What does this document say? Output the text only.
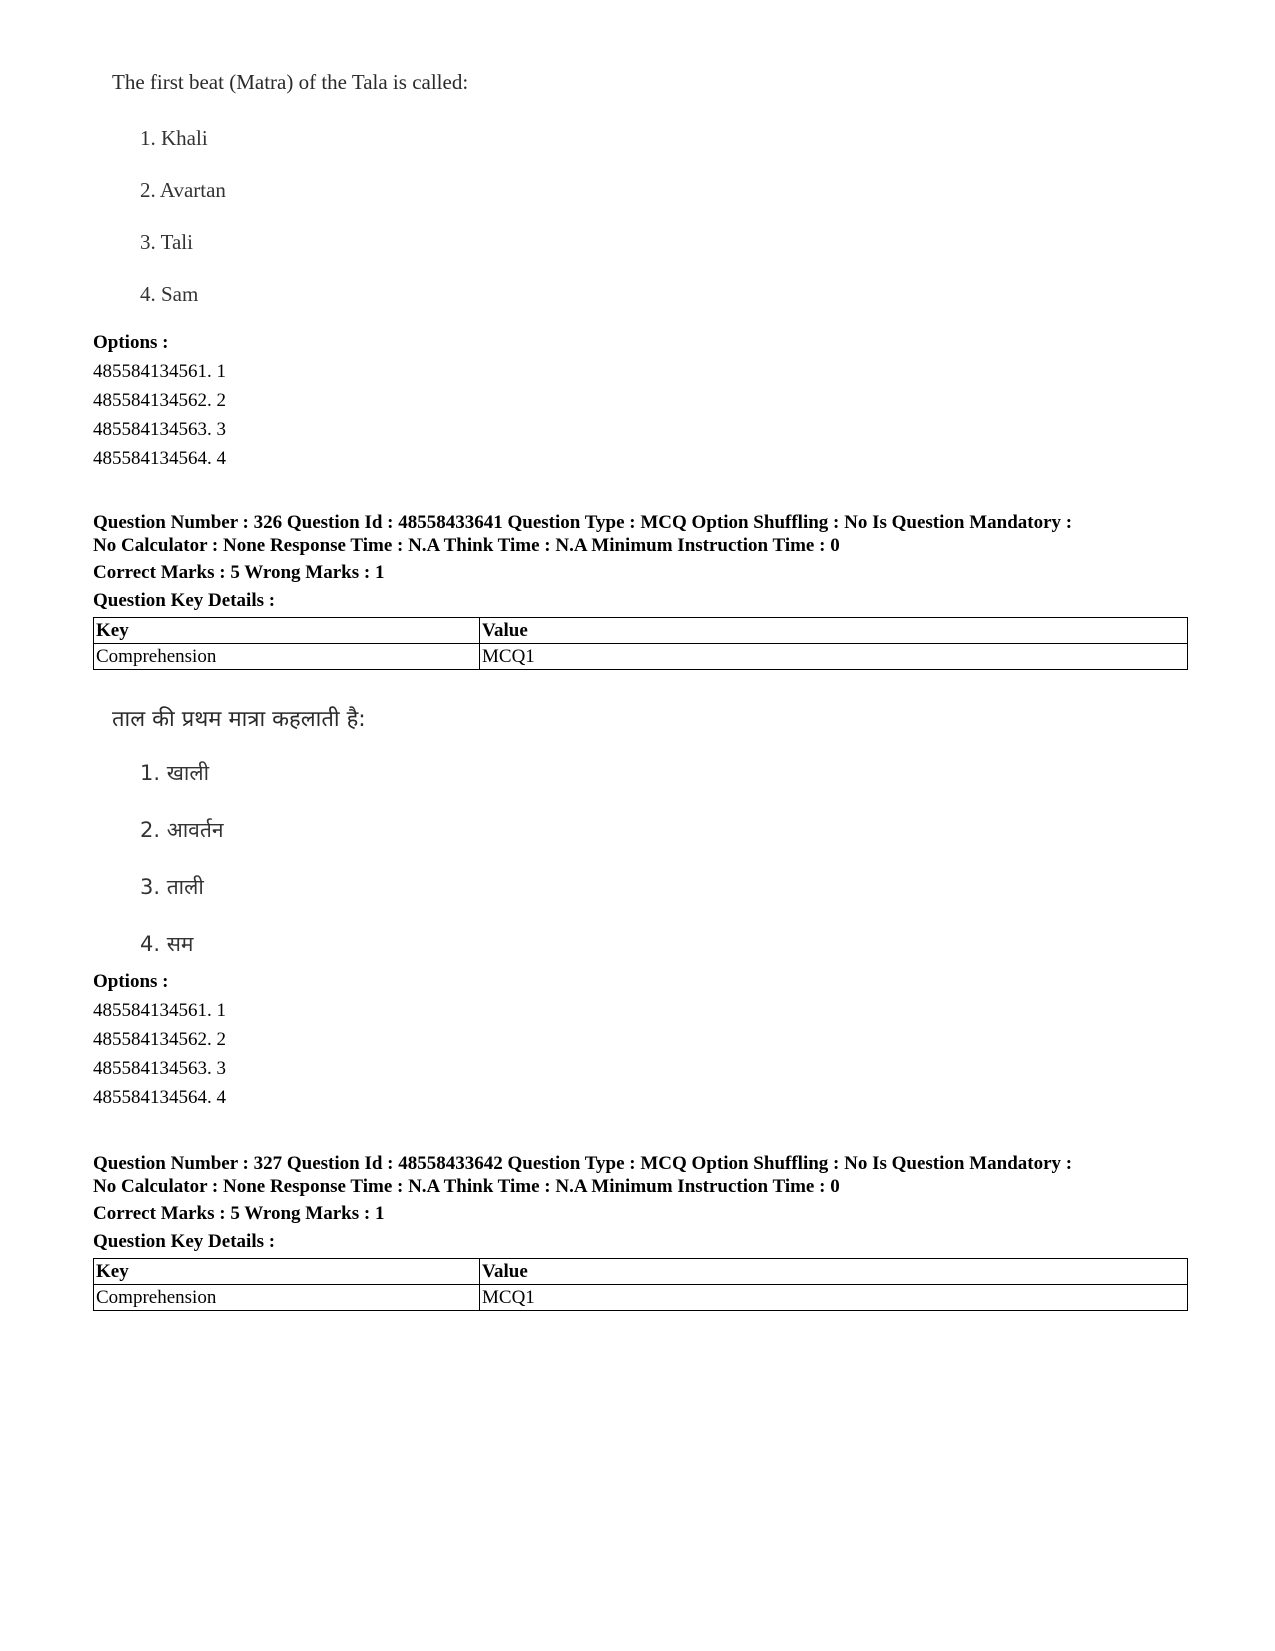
The first beat (Matra) of the Tala is called:
1. Khali
2. Avartan
3. Tali
4. Sam

Options :

485584134561. 1

485584134562. 2

485584134563. 3

485584134564. 4

Question Number : 326 Question Id : 48558433641 Question Type : MCQ Option Shuffling : No Is Question Mandatory :

No Calculator : None Response Time : N.A Think Time : N.A Minimum Instruction Time : 0

Correct Marks : 5 Wrong Marks : 1

Question Key Details :

Key	Value
Comprehension	MCQ1
ताल की प्रथम मात्रा कहलाती है:
1. खाली
2. आवर्तन
3. ताली
4. सम

Options :

485584134561. 1

485584134562. 2

485584134563. 3

485584134564. 4

Question Number : 327 Question Id : 48558433642 Question Type : MCQ Option Shuffling : No Is Question Mandatory :

No Calculator : None Response Time : N.A Think Time : N.A Minimum Instruction Time : 0

Correct Marks : 5 Wrong Marks : 1

Question Key Details :

Key	Value
Comprehension	MCQ1
